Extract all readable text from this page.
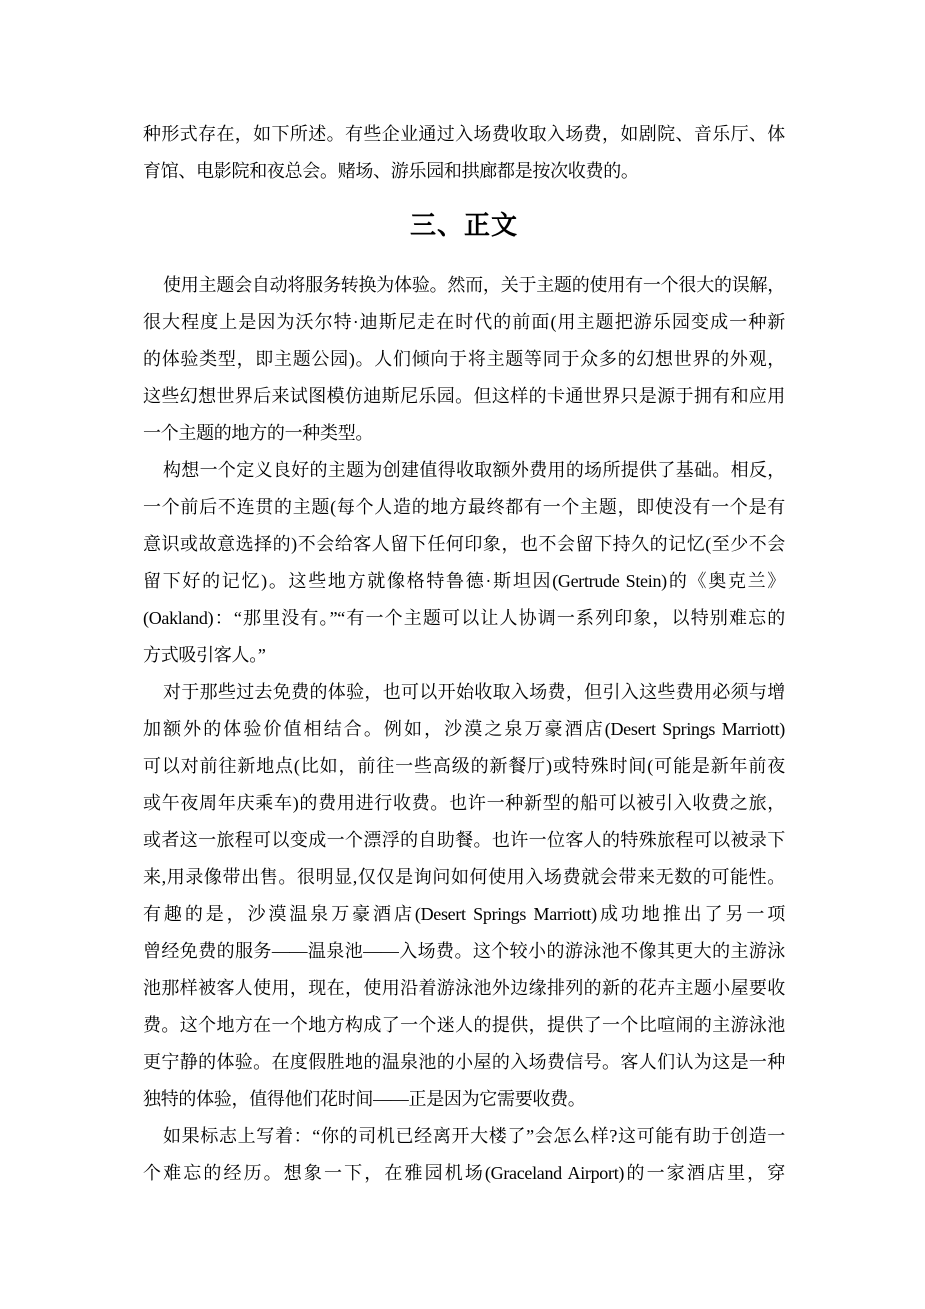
种形式存在，如下所述。有些企业通过入场费收取入场费，如剧院、音乐厅、体
育馆、电影院和夜总会。赌场、游乐园和拱廊都是按次收费的。
三、正文
使用主题会自动将服务转换为体验。然而，关于主题的使用有一个很大的误解，
很大程度上是因为沃尔特·迪斯尼走在时代的前面(用主题把游乐园变成一种新
的体验类型，即主题公园)。人们倾向于将主题等同于众多的幻想世界的外观，
这些幻想世界后来试图模仿迪斯尼乐园。但这样的卡通世界只是源于拥有和应用
一个主题的地方的一种类型。
构想一个定义良好的主题为创建值得收取额外费用的场所提供了基础。相反，
一个前后不连贯的主题(每个人造的地方最终都有一个主题，即使没有一个是有
意识或故意选择的)不会给客人留下任何印象，也不会留下持久的记忆(至少不会
留下好的记忆)。这些地方就像格特鲁德·斯坦因(Gertrude Stein)的《奥克兰》
(Oakland)：“那里没有。”“有一个主题可以让人协调一系列印象，以特别难忘的
方式吸引客人。”
对于那些过去免费的体验，也可以开始收取入场费，但引入这些费用必须与增
加额外的体验价值相结合。例如，沙漠之泉万豪酒店(Desert Springs Marriott)
可以对前往新地点(比如，前往一些高级的新餐厅)或特殊时间(可能是新年前夜
或午夜周年庆乘车)的费用进行收费。也许一种新型的船可以被引入收费之旅，
或者这一旅程可以变成一个漂浮的自助餐。也许一位客人的特殊旅程可以被录下
来,用录像带出售。很明显,仅仅是询问如何使用入场费就会带来无数的可能性。
有趣的是，沙漠温泉万豪酒店(Desert Springs Marriott)成功地推出了另一项
曾经免费的服务——温泉池——入场费。这个较小的游泳池不像其更大的主游泳
池那样被客人使用，现在，使用沿着游泳池外边缘排列的新的花卉主题小屋要收
费。这个地方在一个地方构成了一个迷人的提供，提供了一个比喧闹的主游泳池
更宁静的体验。在度假胜地的温泉池的小屋的入场费信号。客人们认为这是一种
独特的体验，值得他们花时间——正是因为它需要收费。
如果标志上写着：“你的司机已经离开大楼了”会怎么样?这可能有助于创造一
个难忘的经历。想象一下，在雅园机场(Graceland Airport)的一家酒店里，穿
